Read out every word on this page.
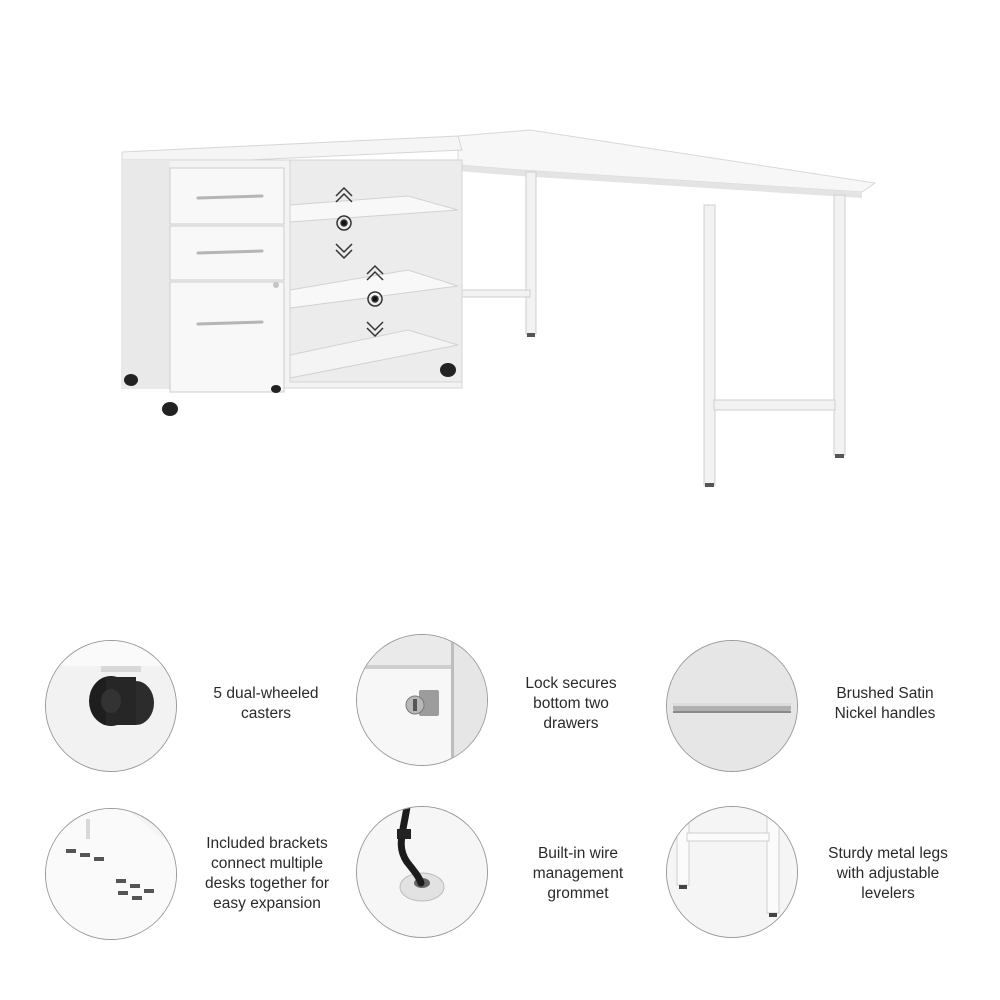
5 dual-wheeled
casters
Lock secures
bottom two
drawers
Brushed Satin
Nickel handles
Included brackets
connect multiple
desks together for
easy expansion
Built-in wire
management
grommet
Sturdy metal legs
with adjustable
levelers
